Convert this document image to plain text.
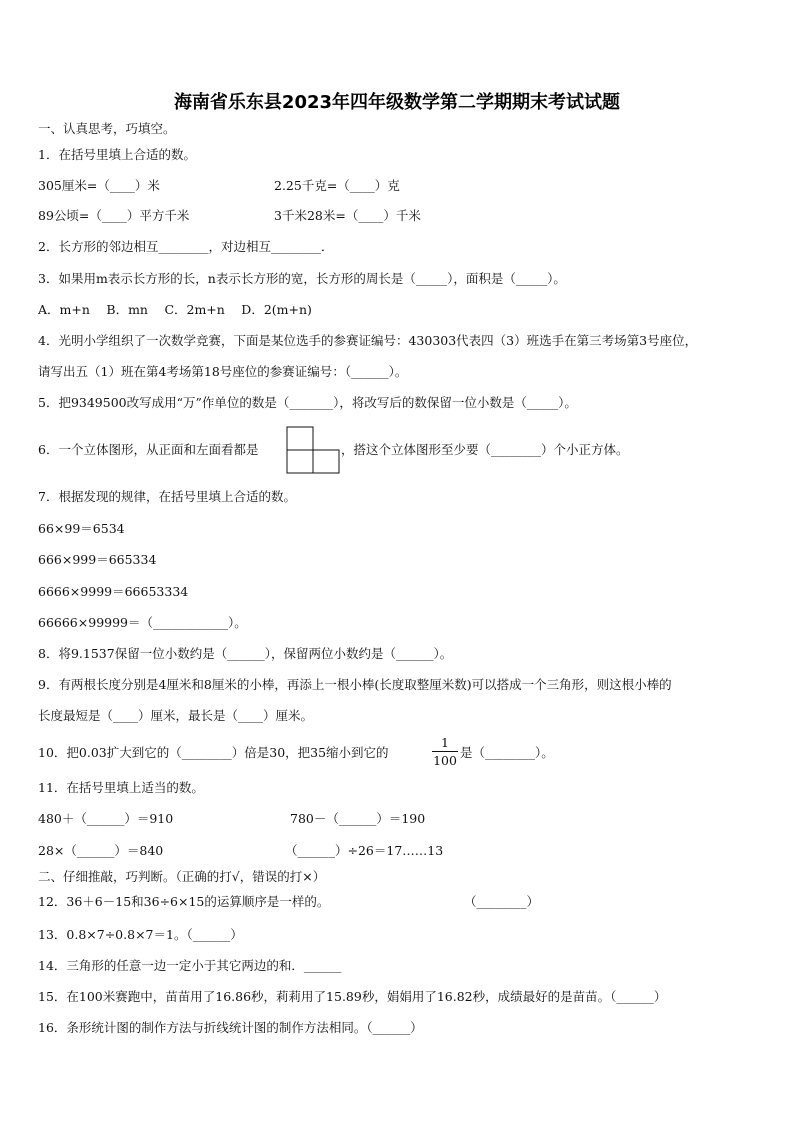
海南省乐东县2023年四年级数学第二学期期末考试试题
一、认真思考，巧填空。
1．在括号里填上合适的数。
305厘米=（____）米	2.25千克=（____）克
89公顷=（____）平方千米	3千米28米=（____）千米
2．长方形的邻边相互________，对边相互________．
3．如果用m表示长方形的长，n表示长方形的宽，长方形的周长是（_____），面积是（_____）。
A．m+n　 B．mn　 C．2m+n　 D．2(m+n)
4．光明小学组织了一次数学竞赛，下面是某位选手的参赛证编号：430303代表四（3）班选手在第三考场第3号座位，
请写出五（1）班在第4考场第18号座位的参赛证编号：（______）。
5．把9349500改写成用“万”作单位的数是（_______），将改写后的数保留一位小数是（_____）。
6．一个立体图形，从正面和左面看都是	，搭这个立体图形至少要（________）个小正方体。
7．根据发现的规律，在括号里填上合适的数。
66×99＝6534
666×999＝665334
6666×9999＝66653334
66666×99999＝（____________）。
8．将9.1537保留一位小数约是（______），保留两位小数约是（______）。
9．有两根长度分别是4厘米和8厘米的小棒，再添上一根小棒(长度取整厘米数)可以搭成一个三角形，则这根小棒的
长度最短是（____）厘米，最长是（____）厘米。
10．把0.03扩大到它的（________）倍是30，把35缩小到它的
1
100
是（________）。
11．在括号里填上适当的数。
480＋（______）＝910	780－（______）＝190
28×（______）＝840	（______）÷26＝17……13
二、仔细推敲，巧判断。（正确的打√，错误的打×）
12．36＋6－15和36÷6×15的运算顺序是一样的。	（________）
13．0.8×7÷0.8×7＝1。（______）
14．三角形的任意一边一定小于其它两边的和．______
15．在100米赛跑中，苗苗用了16.86秒，莉莉用了15.89秒，娟娟用了16.82秒，成绩最好的是苗苗。（______）
16．条形统计图的制作方法与折线统计图的制作方法相同。（______）
